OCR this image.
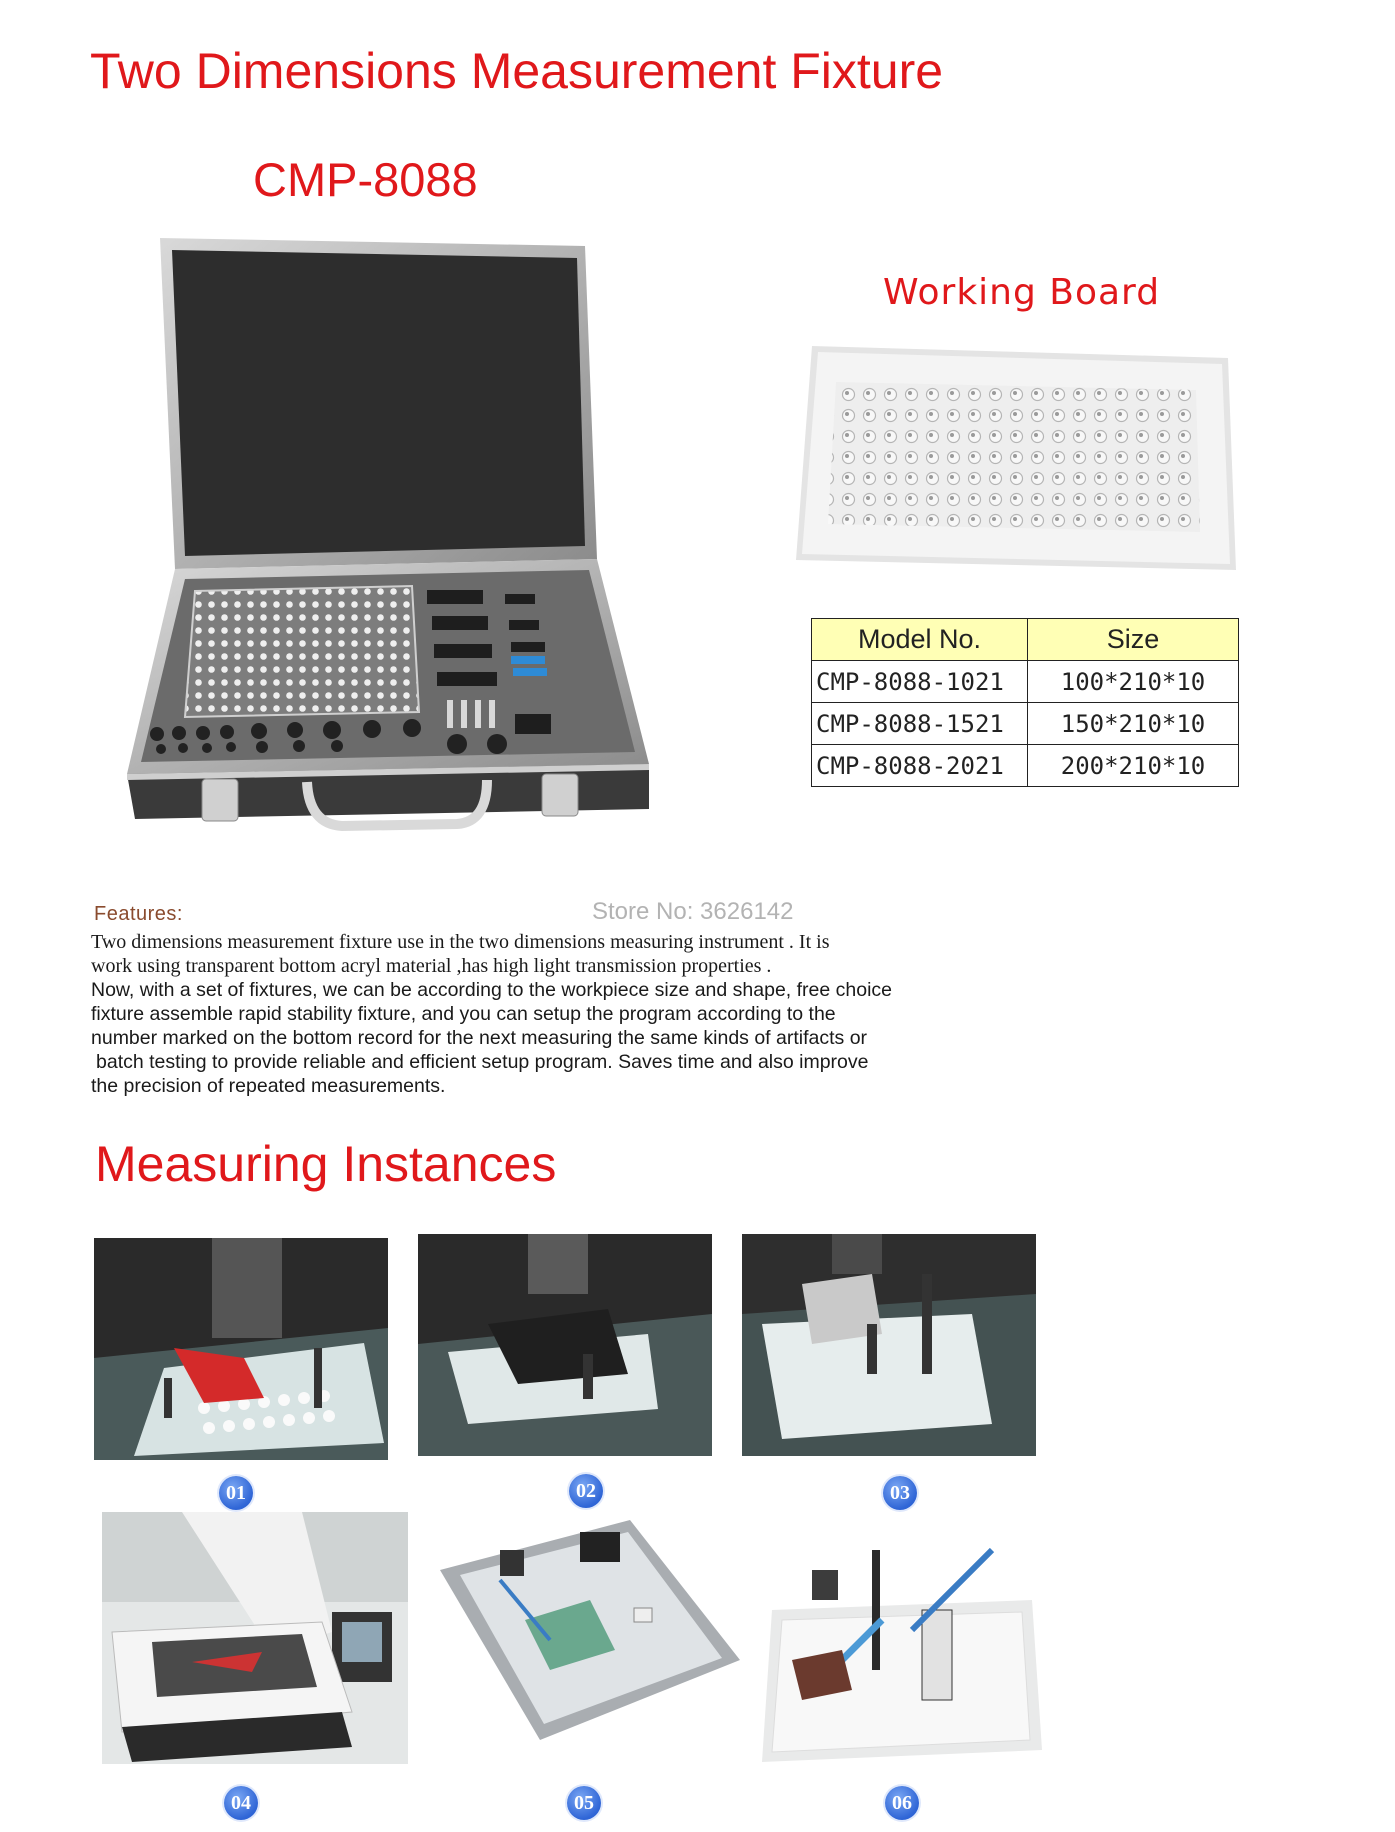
Two Dimensions Measurement Fixture
CMP-8088
Working Board
Model No.	Size
CMP-8088-1021	100*210*10
CMP-8088-1521	150*210*10
CMP-8088-2021	200*210*10
Features:	Store No: 3626142
Two dimensions measurement fixture use in the two dimensions measuring instrument . It is
work using transparent bottom acryl material ,has high light transmission properties .
Now, with a set of fixtures, we can be according to the workpiece size and shape, free choice
fixture assemble rapid stability fixture, and you can setup the program according to the
number marked on the bottom record for the next measuring the same kinds of artifacts or
batch testing to provide reliable and efficient setup program. Saves time and also improve
the precision of repeated measurements.
Measuring Instances
01	02	03
04	05	06
